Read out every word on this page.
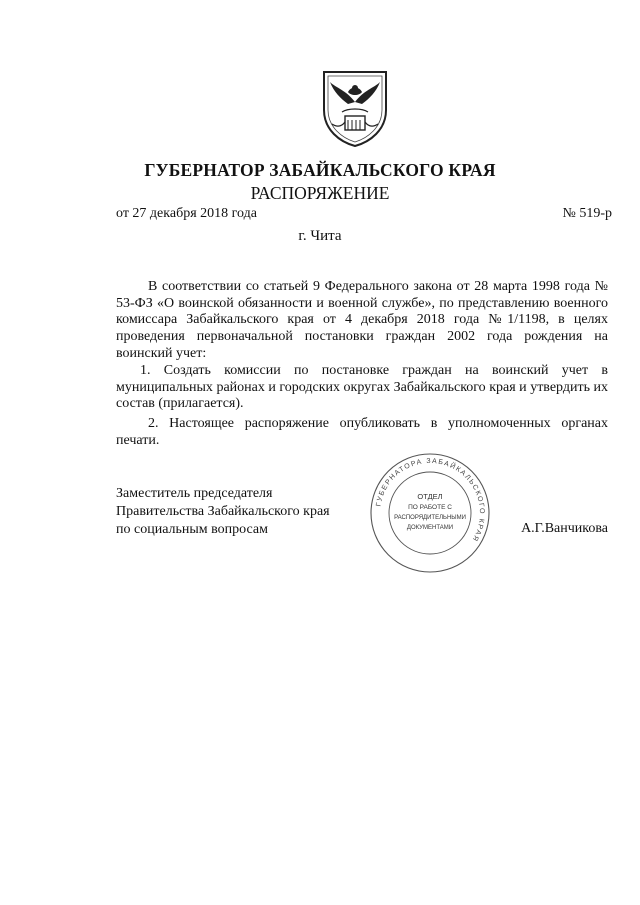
ГУБЕРНАТОР ЗАБАЙКАЛЬСКОГО КРАЯ
РАСПОРЯЖЕНИЕ
от 27 декабря 2018 года	№ 519-р
г. Чита
В соответствии со статьей 9 Федерального закона от 28 марта 1998 года № 53-ФЗ «О воинской обязанности и военной службе», по представлению военного комиссара Забайкальского края от 4 декабря 2018 года №1/1198, в целях проведения первоначальной постановки граждан 2002 года рождения на воинский учет:
1. Создать комиссии по постановке граждан на воинский учет в муниципальных районах и городских округах Забайкальского края и утвердить их состав (прилагается).
2. Настоящее распоряжение опубликовать в уполномоченных органах печати.
Заместитель председателя
Правительства Забайкальского края
по социальным вопросам	А.Г.Ванчикова
ГУБЕРНАТОРА ЗАБАЙКАЛЬСКОГО КРАЯ
ОТДЕЛ
ПО РАБОТЕ С
РАСПОРЯДИТЕЛЬНЫМИ
ДОКУМЕНТАМИ
